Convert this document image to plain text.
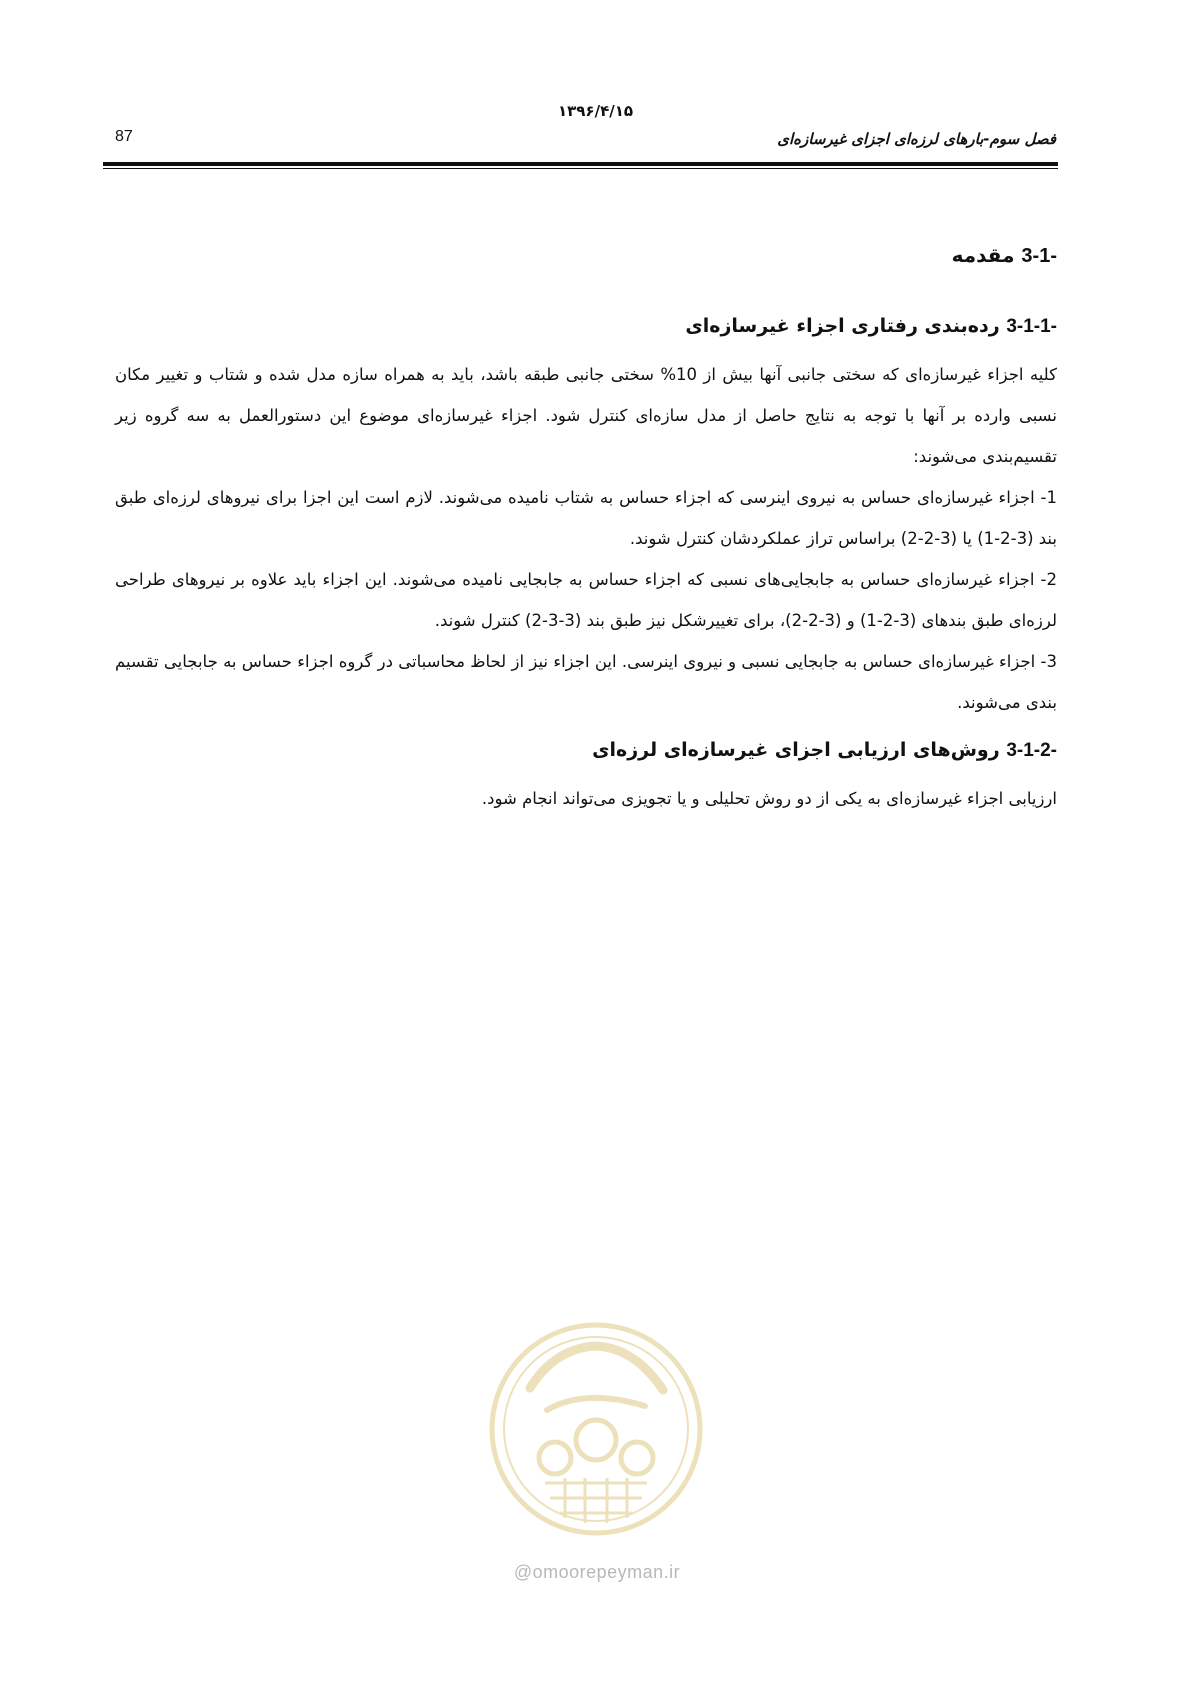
۱۳۹۶/۴/۱۵
87	فصل سوم-بارهای لرزه‌ای اجزای غیرسازه‌ای
3-1- مقدمه
3-1-1- رده‌بندی رفتاری اجزاء غیرسازه‌ای

کلیه اجزاء غیرسازه‌ای که سختی جانبی آنها بیش از 10% سختی جانبی طبقه باشد، باید به همراه سازه مدل شده و شتاب و تغییر مکان نسبی وارده بر آنها با توجه به نتایج حاصل از مدل سازه‌ای کنترل شود. اجزاء غیرسازه‌ای موضوع این دستورالعمل به سه گروه زیر تقسیم‌بندی می‌شوند:

1- اجزاء غیرسازه‌ای حساس به نیروی اینرسی که اجزاء حساس به شتاب نامیده می‌شوند. لازم است این اجزا برای نیروهای لرزه‌ای طبق بند (3-2-1) یا (3-2-2) براساس تراز عملکردشان کنترل شوند.

2- اجزاء غیرسازه‌ای حساس به جابجایی‌های نسبی که اجزاء حساس به جابجایی نامیده می‌شوند. این اجزاء باید علاوه بر نیروهای طراحی لرزه‌ای طبق بندهای (3-2-1) و (3-2-2)، برای تغییرشکل نیز طبق بند (3-3-2) کنترل شوند.

3- اجزاء غیرسازه‌ای حساس به جابجایی نسبی و نیروی اینرسی. این اجزاء نیز از لحاظ محاسباتی در گروه اجزاء حساس به جابجایی تقسیم بندی می‌شوند.

3-1-2- روش‌های ارزیابی اجزای غیرسازه‌ای لرزه‌ای

ارزیابی اجزاء غیرسازه‌ای به یکی از دو روش تحلیلی و یا تجویزی می‌تواند انجام شود.

@omoorepeyman.ir
